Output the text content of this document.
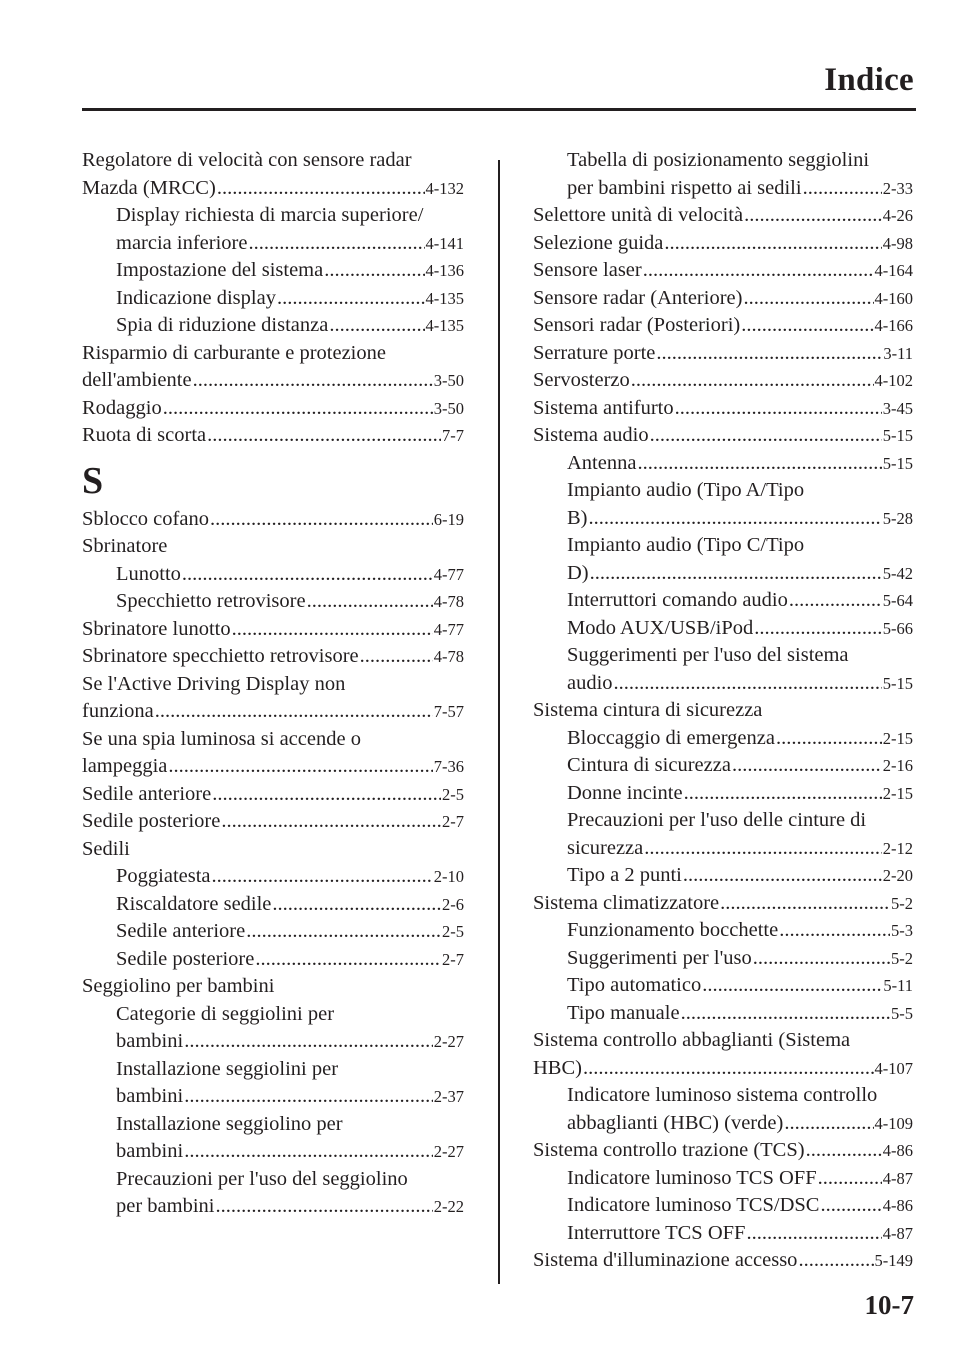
Indice
Regolatore di velocità con sensore radar
Mazda (MRCC) .....	4-132
Display richiesta di marcia superiore/
marcia inferiore .....	4-141
Impostazione del sistema .....	4-136
Indicazione display .....	4-135
Spia di riduzione distanza .....	4-135
Risparmio di carburante e protezione
dell'ambiente .....	3-50
Rodaggio .....	3-50
Ruota di scorta .....	7-7
S
Sblocco cofano .....	6-19
Sbrinatore
Lunotto .....	4-77
Specchietto retrovisore .....	4-78
Sbrinatore lunotto .....	4-77
Sbrinatore specchietto retrovisore .....	4-78
Se l'Active Driving Display non
funziona .....	7-57
Se una spia luminosa si accende o
lampeggia .....	7-36
Sedile anteriore .....	2-5
Sedile posteriore .....	2-7
Sedili
Poggiatesta .....	2-10
Riscaldatore sedile .....	2-6
Sedile anteriore .....	2-5
Sedile posteriore .....	2-7
Seggiolino per bambini
Categorie di seggiolini per
bambini .....	2-27
Installazione seggiolini per
bambini .....	2-37
Installazione seggiolino per
bambini .....	2-27
Precauzioni per l'uso del seggiolino
per bambini .....	2-22
Tabella di posizionamento seggiolini
per bambini rispetto ai sedili .....	2-33
Selettore unità di velocità .....	4-26
Selezione guida .....	4-98
Sensore laser .....	4-164
Sensore radar (Anteriore) .....	4-160
Sensori radar (Posteriori) .....	4-166
Serrature porte .....	3-11
Servosterzo .....	4-102
Sistema antifurto .....	3-45
Sistema audio .....	5-15
Antenna .....	5-15
Impianto audio (Tipo A/Tipo
B) .....	5-28
Impianto audio (Tipo C/Tipo
D) .....	5-42
Interruttori comando audio .....	5-64
Modo AUX/USB/iPod .....	5-66
Suggerimenti per l'uso del sistema
audio .....	5-15
Sistema cintura di sicurezza
Bloccaggio di emergenza .....	2-15
Cintura di sicurezza .....	2-16
Donne incinte .....	2-15
Precauzioni per l'uso delle cinture di
sicurezza .....	2-12
Tipo a 2 punti .....	2-20
Sistema climatizzatore .....	5-2
Funzionamento bocchette .....	5-3
Suggerimenti per l'uso .....	5-2
Tipo automatico .....	5-11
Tipo manuale .....	5-5
Sistema controllo abbaglianti (Sistema
HBC) .....	4-107
Indicatore luminoso sistema controllo
abbaglianti (HBC) (verde) .....	4-109
Sistema controllo trazione (TCS) .....	4-86
Indicatore luminoso TCS OFF .....	4-87
Indicatore luminoso TCS/DSC .....	4-86
Interruttore TCS OFF .....	4-87
Sistema d'illuminazione accesso .....	5-149
10-7
